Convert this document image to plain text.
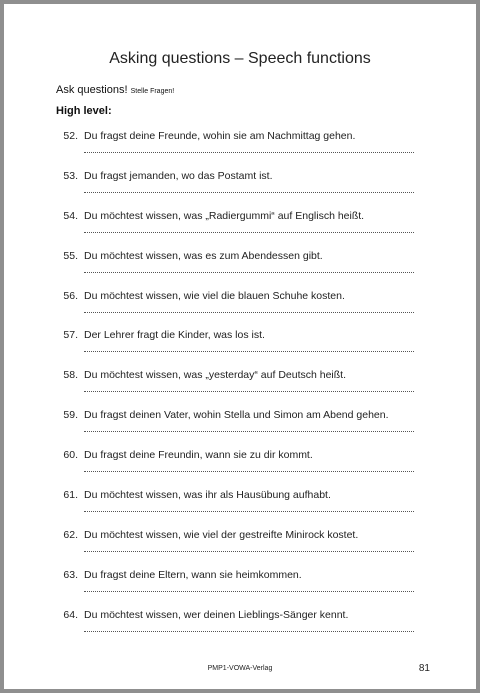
Asking questions – Speech functions
Ask questions! Stelle Fragen!
High level:
52. Du fragst deine Freunde, wohin sie am Nachmittag gehen.
53. Du fragst jemanden, wo das Postamt ist.
54. Du möchtest wissen, was „Radiergummi“ auf Englisch heißt.
55. Du möchtest wissen, was es zum Abendessen gibt.
56. Du möchtest wissen, wie viel die blauen Schuhe kosten.
57. Der Lehrer fragt die Kinder, was los ist.
58. Du möchtest wissen, was „yesterday“ auf Deutsch heißt.
59. Du fragst deinen Vater, wohin Stella und Simon am Abend gehen.
60. Du fragst deine Freundin, wann sie zu dir kommt.
61. Du möchtest wissen, was ihr als Hausübung aufhabt.
62. Du möchtest wissen, wie viel der gestreifte Minirock kostet.
63. Du fragst deine Eltern, wann sie heimkommen.
64. Du möchtest wissen, wer deinen Lieblings-Sänger kennt.
PMP1-VOWA-Verlag	81
